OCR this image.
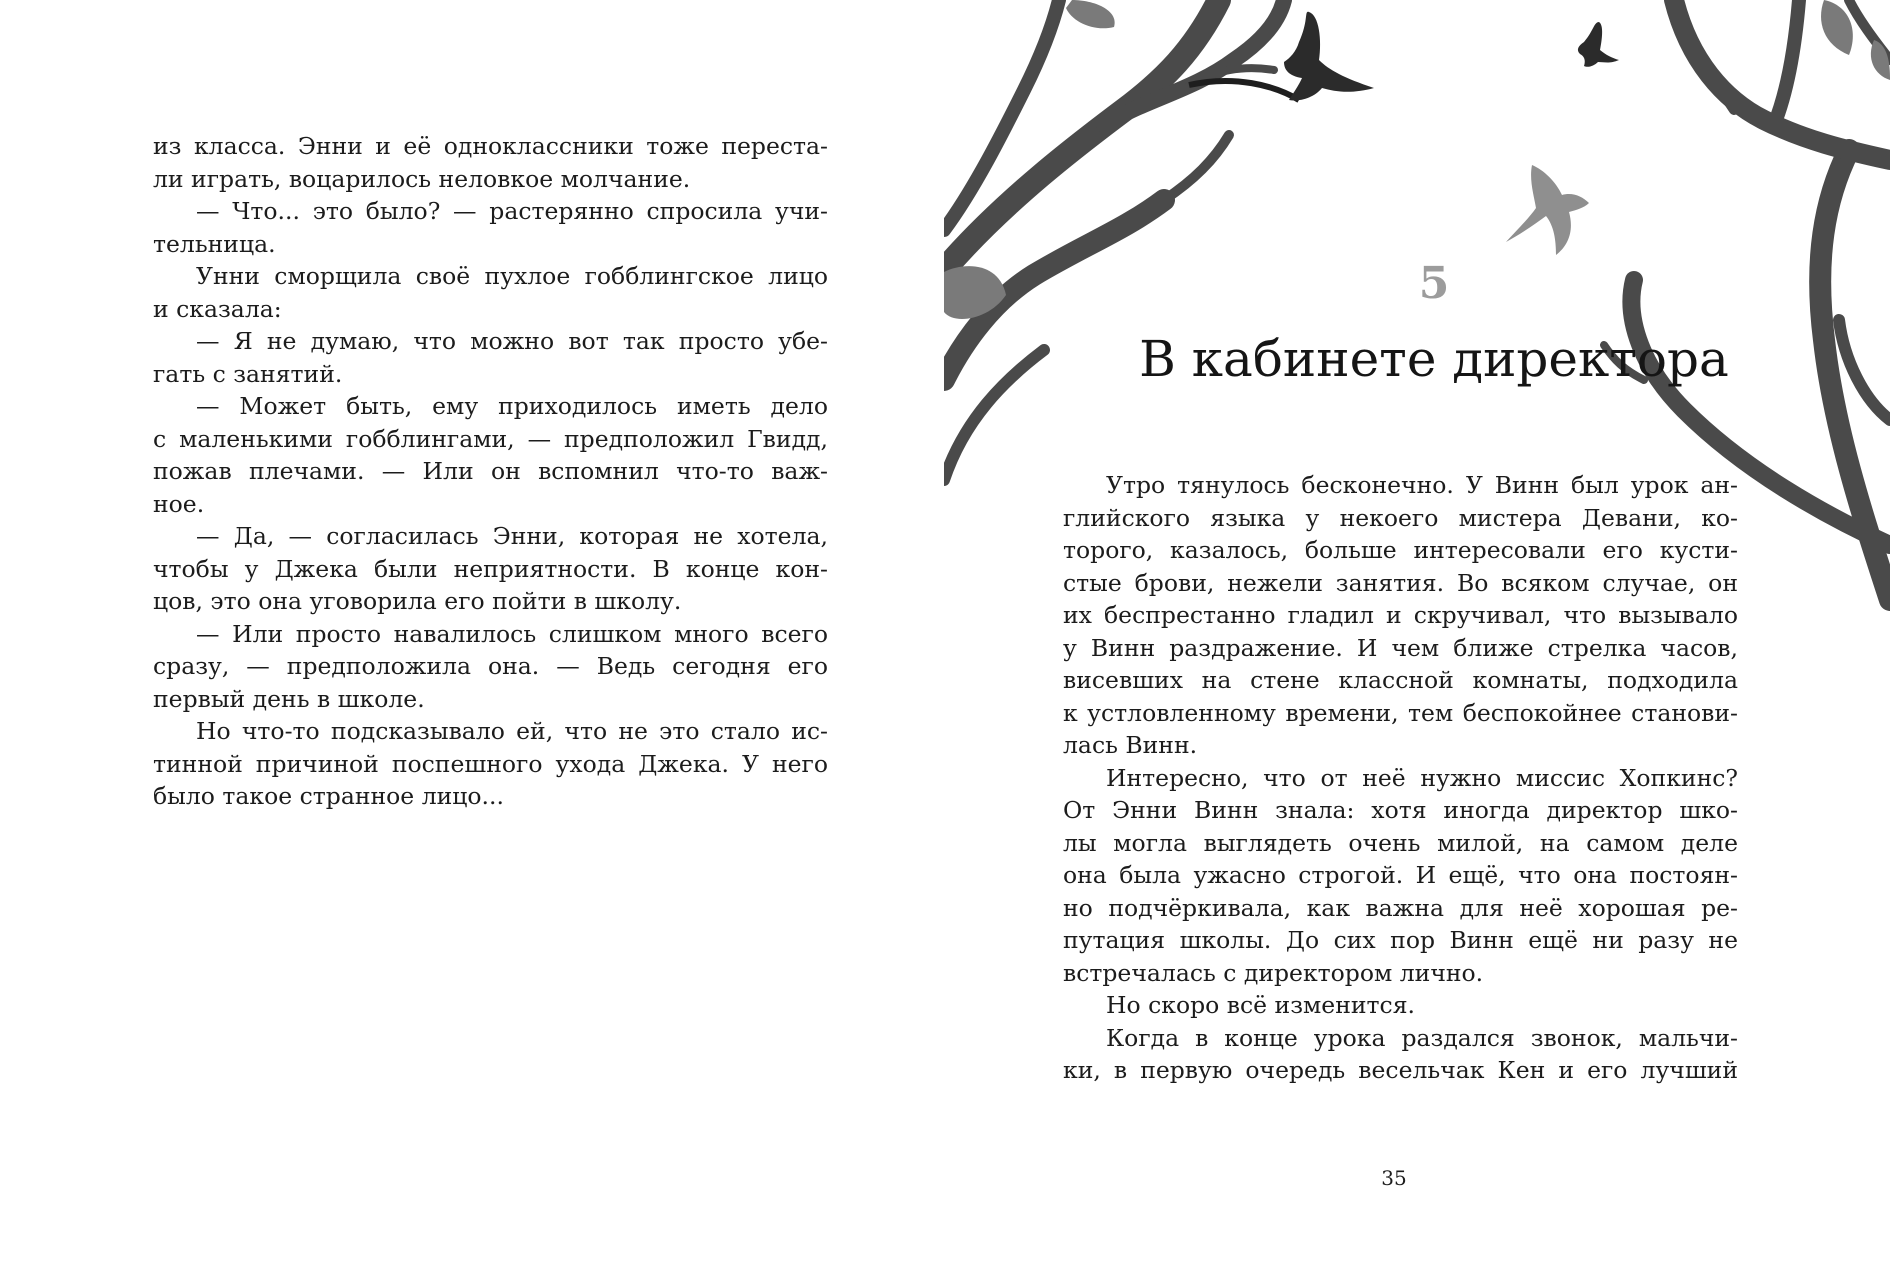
из класса. Энни и её одноклассники тоже переста-
ли играть, воцарилось неловкое молчание.

— Что... это было? — растерянно спросила учи-
тельница.

Унни сморщила своё пухлое гобблингское лицо
и сказала:

— Я не думаю, что можно вот так просто убе-
гать с занятий.

— Может быть, ему приходилось иметь дело
с маленькими гобблингами, — предположил Гвидд,
пожав плечами. — Или он вспомнил что-то важ-
ное.

— Да, — согласилась Энни, которая не хотела,
чтобы у Джека были неприятности. В конце кон-
цов, это она уговорила его пойти в школу.

— Или просто навалилось слишком много всего
сразу, — предположила она. — Ведь сегодня его
первый день в школе.

Но что-то подсказывало ей, что не это стало ис-
тинной причиной поспешного ухода Джека. У него
было такое странное лицо...

5
В кабинете директора

Утро тянулось бесконечно. У Винн был урок ан-
глийского языка у некоего мистера Девани, ко-
торого, казалось, больше интересовали его кусти-
стые брови, нежели занятия. Во всяком случае, он
их беспрестанно гладил и скручивал, что вызывало
у Винн раздражение. И чем ближе стрелка часов,
висевших на стене классной комнаты, подходила
к устловленному времени, тем беспокойнее станови-
лась Винн.

Интересно, что от неё нужно миссис Хопкинс?
От Энни Винн знала: хотя иногда директор шко-
лы могла выглядеть очень милой, на самом деле
она была ужасно строгой. И ещё, что она постоян-
но подчёркивала, как важна для неё хорошая ре-
путация школы. До сих пор Винн ещё ни разу не
встречалась с директором лично.

Но скоро всё изменится.

Когда в конце урока раздался звонок, мальчи-
ки, в первую очередь весельчак Кен и его лучший

35
